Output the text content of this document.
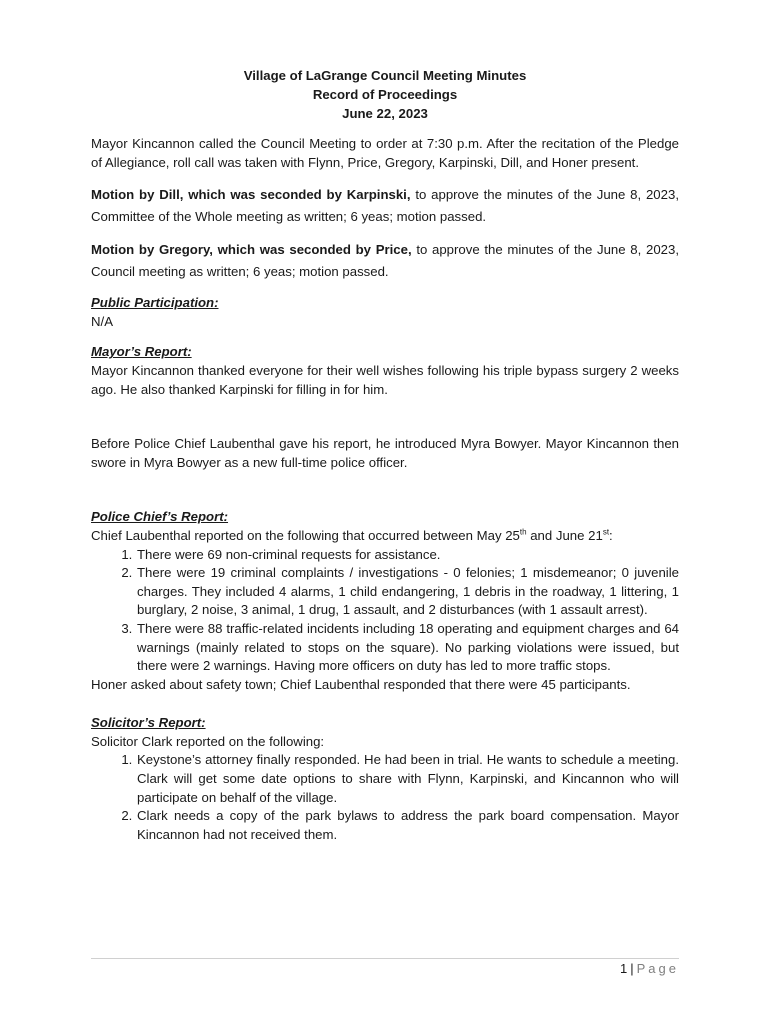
Village of LaGrange Council Meeting Minutes
Record of Proceedings
June 22, 2023

Mayor Kincannon called the Council Meeting to order at 7:30 p.m. After the recitation of the Pledge of Allegiance, roll call was taken with Flynn, Price, Gregory, Karpinski, Dill, and Honer present.

Motion by Dill, which was seconded by Karpinski, to approve the minutes of the June 8, 2023, Committee of the Whole meeting as written; 6 yeas; motion passed.

Motion by Gregory, which was seconded by Price, to approve the minutes of the June 8, 2023, Council meeting as written; 6 yeas; motion passed.

Public Participation:
N/A
Mayor’s Report:

Mayor Kincannon thanked everyone for their well wishes following his triple bypass surgery 2 weeks ago. He also thanked Karpinski for filling in for him.

Before Police Chief Laubenthal gave his report, he introduced Myra Bowyer. Mayor Kincannon then swore in Myra Bowyer as a new full-time police officer.

Police Chief’s Report:
Chief Laubenthal reported on the following that occurred between May 25th and June 21st:
1. There were 69 non-criminal requests for assistance.
2. There were 19 criminal complaints / investigations - 0 felonies; 1 misdemeanor; 0 juvenile charges. They included 4 alarms, 1 child endangering, 1 debris in the roadway, 1 littering, 1 burglary, 2 noise, 3 animal, 1 drug, 1 assault, and 2 disturbances (with 1 assault arrest).
3. There were 88 traffic-related incidents including 18 operating and equipment charges and 64 warnings (mainly related to stops on the square). No parking violations were issued, but there were 2 warnings. Having more officers on duty has led to more traffic stops.
Honer asked about safety town; Chief Laubenthal responded that there were 45 participants.
Solicitor’s Report:
Solicitor Clark reported on the following:
1. Keystone’s attorney finally responded. He had been in trial. He wants to schedule a meeting. Clark will get some date options to share with Flynn, Karpinski, and Kincannon who will participate on behalf of the village.
2. Clark needs a copy of the park bylaws to address the park board compensation. Mayor Kincannon had not received them.
1 | Page
